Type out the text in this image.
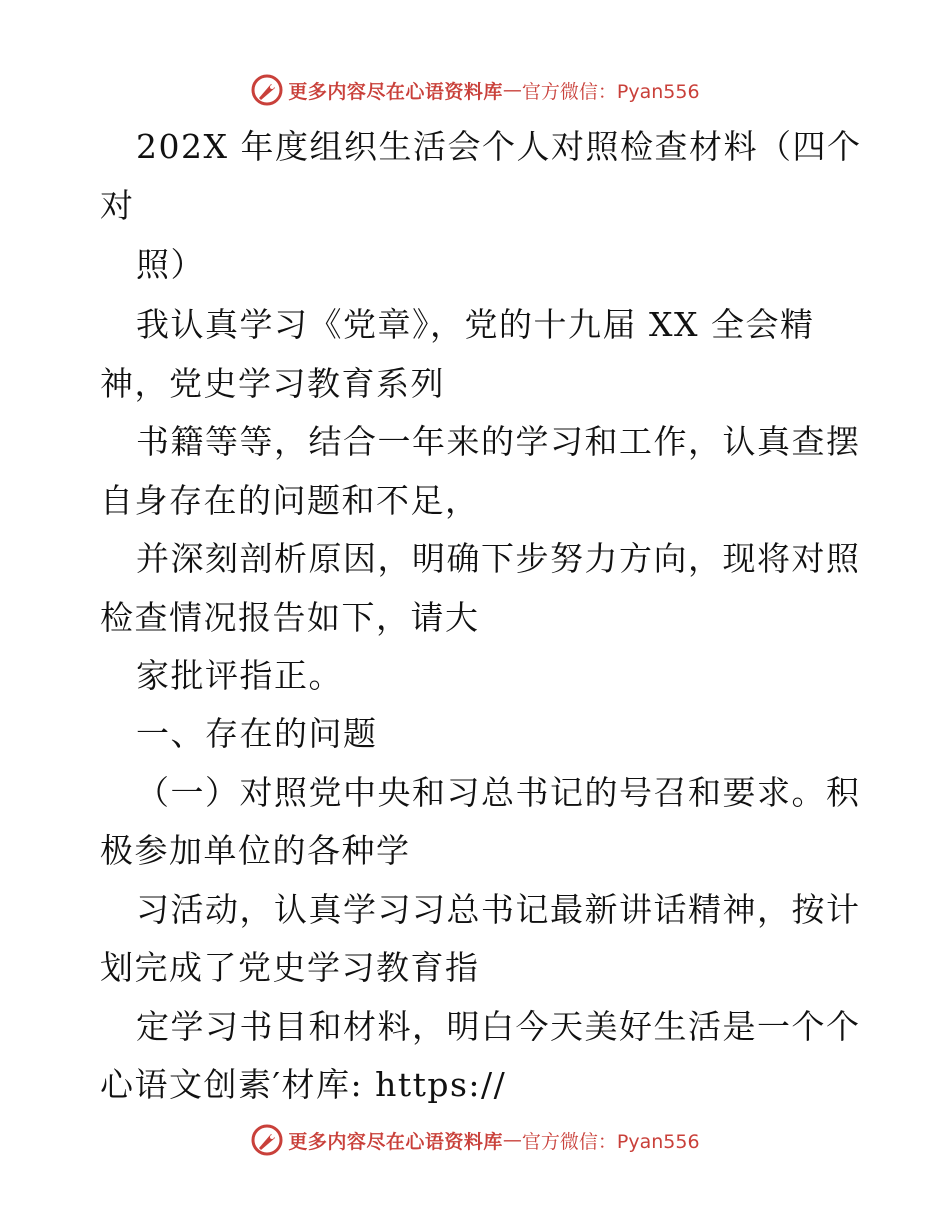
更多内容尽在心语资料库 — 官方微信：Pyan556
202X 年度组织生活会个人对照检查材料（四个
对
照）
我认真学习《党章》，党的十九届 XX 全会精
神，党史学习教育系列
书籍等等，结合一年来的学习和工作，认真查摆
自身存在的问题和不足，
并深刻剖析原因，明确下步努力方向，现将对照
检查情况报告如下，请大
家批评指正。
一、存在的问题
（一）对照党中央和习总书记的号召和要求。积
极参加单位的各种学
习活动，认真学习习总书记最新讲话精神，按计
划完成了党史学习教育指
定学习书目和材料，明白今天美好生活是一个个
心语文创素′材库: https://
更多内容尽在心语资料库 — 官方微信：Pyan556
